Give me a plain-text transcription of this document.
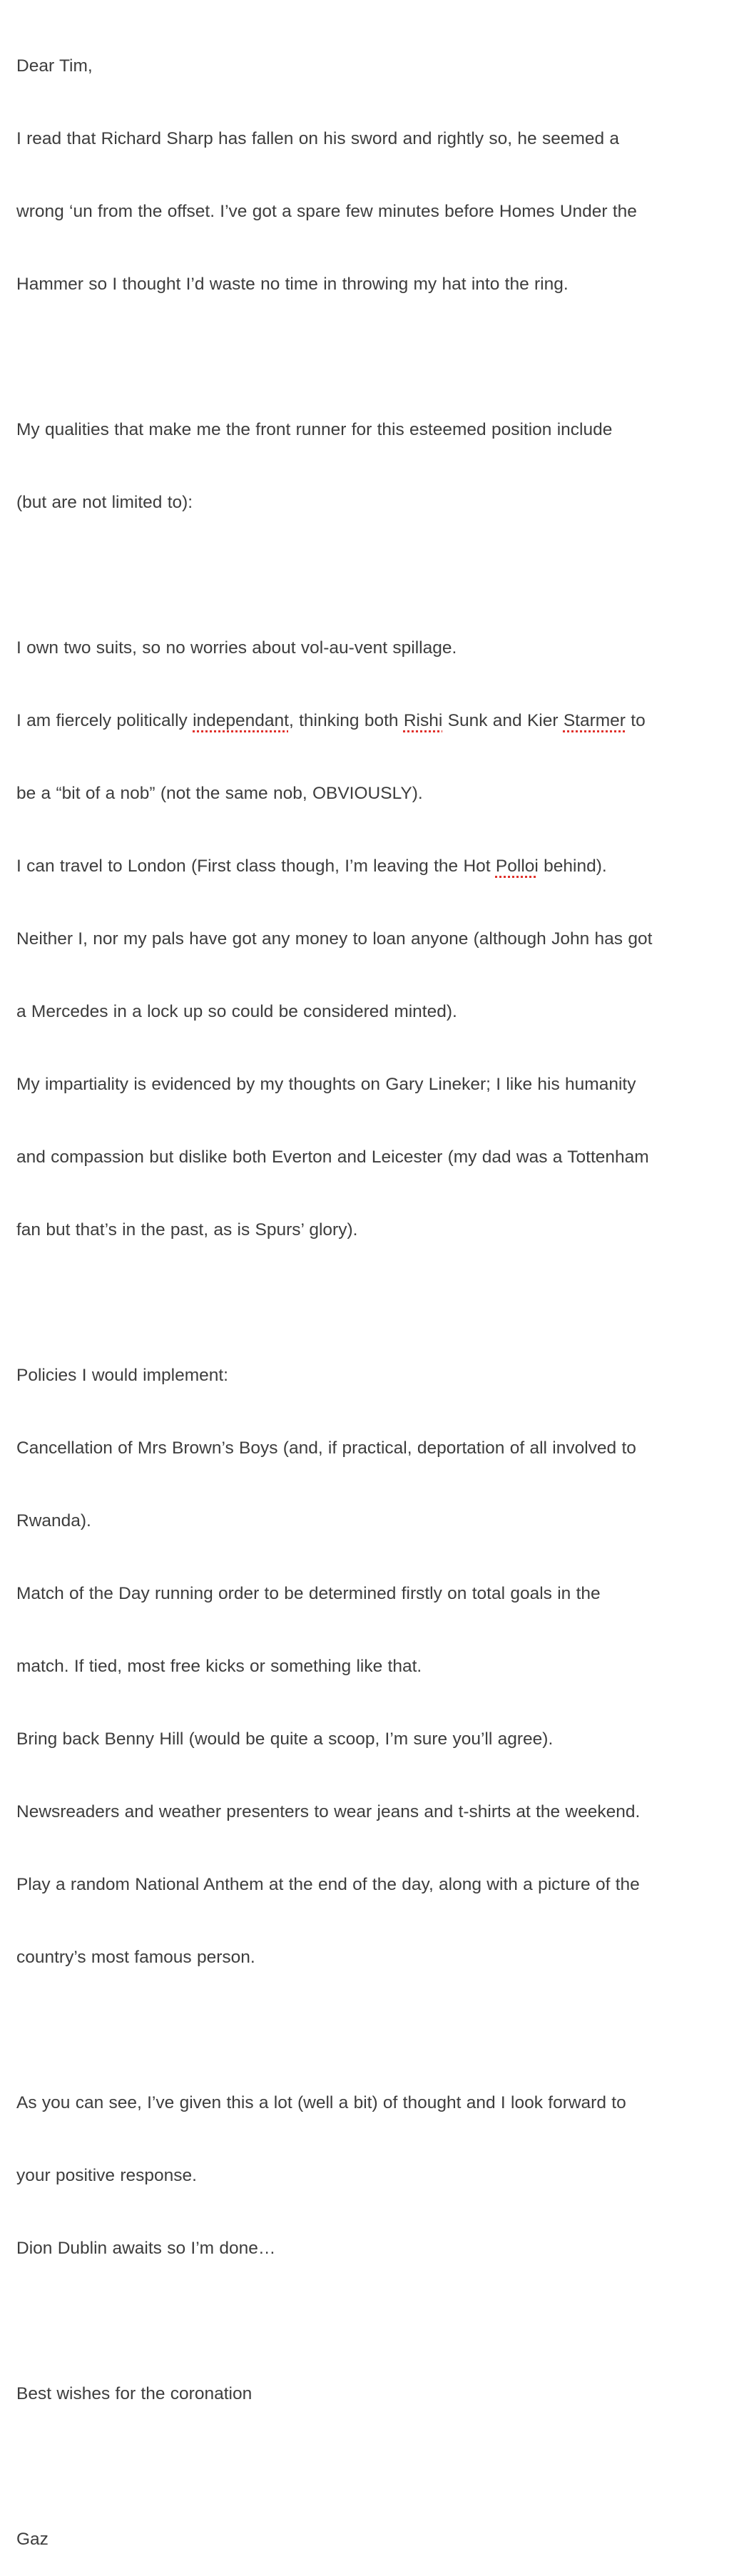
Dear Tim,

I read that Richard Sharp has fallen on his sword and rightly so, he seemed a

wrong ‘un from the offset. I’ve got a spare few minutes before Homes Under the

Hammer so I thought I’d waste no time in throwing my hat into the ring.

My qualities that make me the front runner for this esteemed position include

(but are not limited to):

I own two suits, so no worries about vol-au-vent spillage.

I am fiercely politically independant, thinking both Rishi Sunk and Kier Starmer to

be a “bit of a nob” (not the same nob, OBVIOUSLY).

I can travel to London (First class though, I’m leaving the Hot Polloi behind).

Neither I, nor my pals have got any money to loan anyone (although John has got

a Mercedes in a lock up so could be considered minted).

My impartiality is evidenced by my thoughts on Gary Lineker; I like his humanity

and compassion but dislike both Everton and Leicester (my dad was a Tottenham

fan but that’s in the past, as is Spurs’ glory).

Policies I would implement:

Cancellation of Mrs Brown’s Boys (and, if practical, deportation of all involved to

Rwanda).

Match of the Day running order to be determined firstly on total goals in the

match. If tied, most free kicks or something like that.

Bring back Benny Hill (would be quite a scoop, I’m sure you’ll agree).

Newsreaders and weather presenters to wear jeans and t-shirts at the weekend.

Play a random National Anthem at the end of the day, along with a picture of the

country’s most famous person.

As you can see, I’ve given this a lot (well a bit) of thought and I look forward to

your positive response.

Dion Dublin awaits so I’m done…

Best wishes for the coronation

Gaz
